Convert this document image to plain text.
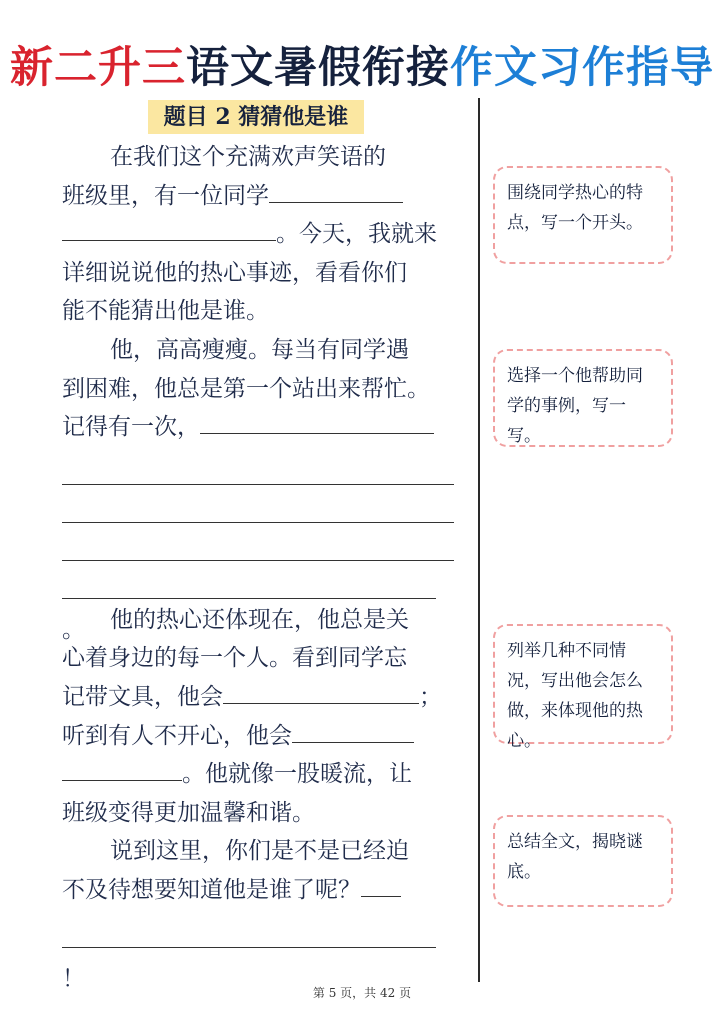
新二升三语文暑假衔接作文习作指导
题目 2 猜猜他是谁
在我们这个充满欢声笑语的
班级里，有一位同学
。今天，我就来
详细说说他的热心事迹，看看你们
能不能猜出他是谁。
他，高高瘦瘦。每当有同学遇
到困难，他总是第一个站出来帮忙。
记得有一次，
。	他的热心还体现在，他总是关
心着身边的每一个人。看到同学忘
记带文具，他会	；
听到有人不开心，他会
。他就像一股暖流，让
班级变得更加温馨和谐。
说到这里，你们是不是已经迫
不及待想要知道他是谁了呢？
！
围绕同学热心的特点，写一个开头。
选择一个他帮助同学的事例，写一写。
列举几种不同情况，写出他会怎么做，来体现他的热心。
总结全文，揭晓谜底。
第 5 页，共 42 页
